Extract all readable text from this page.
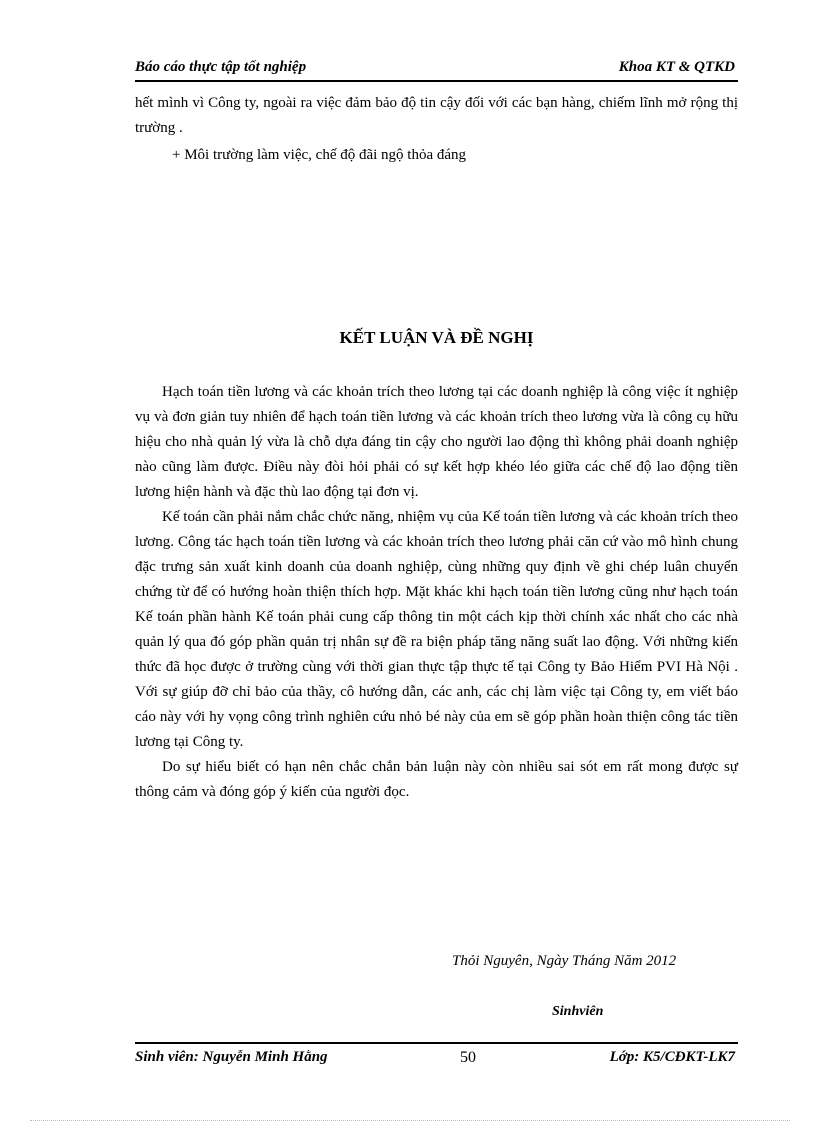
Báo cáo thực tập tốt nghiệp	Khoa KT & QTKD
hết mình vì Công ty, ngoài ra việc đảm bảo độ tin cậy đối với các bạn hàng, chiếm lĩnh mở rộng thị trường .
+ Môi trường làm việc, chế độ đãi ngộ thỏa đáng
KẾT LUẬN VÀ ĐỀ NGHỊ

Hạch toán tiền lương và các khoản trích theo lương tại các doanh nghiệp là công việc ít nghiệp vụ và đơn giản tuy nhiên để hạch toán tiền lương và các khoản trích theo lương vừa là công cụ hữu hiệu cho nhà quản lý vừa là chỗ dựa đáng tin cậy cho người lao động thì không phải doanh nghiệp nào cũng làm được. Điều này đòi hỏi phải có sự kết hợp khéo léo giữa các chế độ lao động tiền lương hiện hành và đặc thù lao động tại đơn vị.

Kế toán cần phải nắm chắc chức năng, nhiệm vụ của Kế toán tiền lương và các khoản trích theo lương. Công tác hạch toán tiền lương và các khoản trích theo lương phải căn cứ vào mô hình chung đặc trưng sản xuất kinh doanh của doanh nghiệp, cùng những quy định về ghi chép luân chuyển chứng từ để có hướng hoàn thiện thích hợp. Mặt khác khi hạch toán tiền lương cũng như hạch toán Kế toán phần hành Kế toán phải cung cấp thông tin một cách kịp thời chính xác nhất cho các nhà quản lý qua đó góp phần quản trị nhân sự đề ra biện pháp tăng năng suất lao động. Với những kiến thức đã học được ở trường cùng với thời gian thực tập thực tế tại Công ty Bảo Hiểm PVI Hà Nội . Với sự giúp đỡ chỉ bảo của thầy, cô hướng dẫn, các anh, các chị làm việc tại Công ty, em viết báo cáo này với hy vọng công trình nghiên cứu nhỏ bé này của em sẽ góp phần hoàn thiện công tác tiền lương tại Công ty.

Do sự hiểu biết có hạn nên chắc chắn bản luận này còn nhiều sai sót em rất mong được sự thông cảm và đóng góp ý kiến của người đọc.

Thỏi Nguyên, Ngày Tháng Năm 2012
Sinhviên
Sinh viên: Nguyễn Minh Hằng	50	Lớp: K5/CĐKT-LK7
